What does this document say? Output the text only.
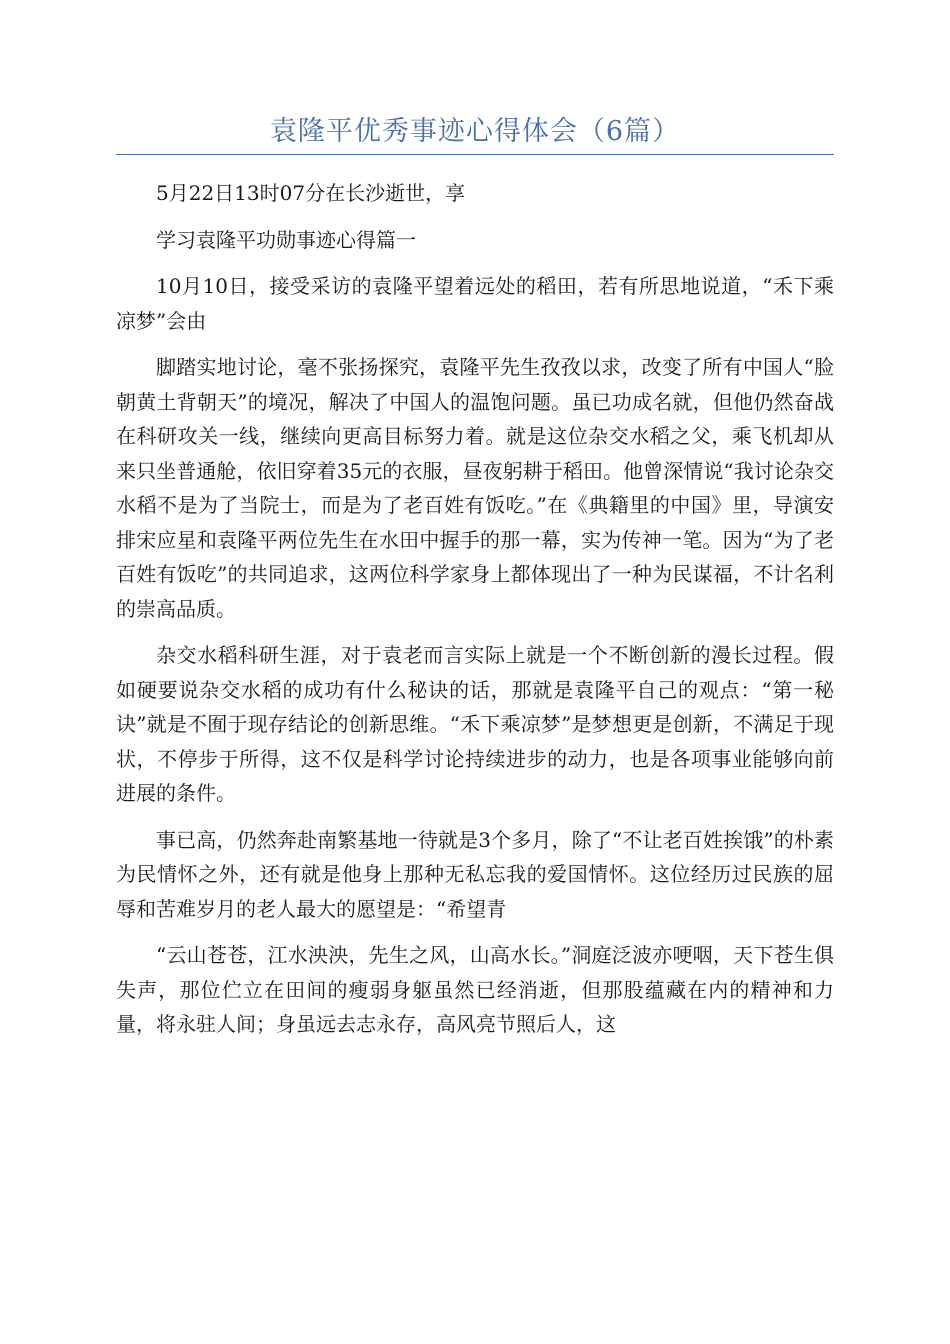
袁隆平优秀事迹心得体会（6篇）

5月22日13时07分在长沙逝世，享

学习袁隆平功勋事迹心得篇一

10月10日，接受采访的袁隆平望着远处的稻田，若有所思地说道，“禾下乘凉梦”会由

脚踏实地讨论，毫不张扬探究，袁隆平先生孜孜以求，改变了所有中国人“脸朝黄土背朝天”的境况，解决了中国人的温饱问题。虽已功成名就，但他仍然奋战在科研攻关一线，继续向更高目标努力着。就是这位杂交水稻之父，乘飞机却从来只坐普通舱，依旧穿着35元的衣服，昼夜躬耕于稻田。他曾深情说“我讨论杂交水稻不是为了当院士，而是为了老百姓有饭吃。”在《典籍里的中国》里，导演安排宋应星和袁隆平两位先生在水田中握手的那一幕，实为传神一笔。因为“为了老百姓有饭吃”的共同追求，这两位科学家身上都体现出了一种为民谋福，不计名利的崇高品质。

杂交水稻科研生涯，对于袁老而言实际上就是一个不断创新的漫长过程。假如硬要说杂交水稻的成功有什么秘诀的话，那就是袁隆平自己的观点：“第一秘诀”就是不囿于现存结论的创新思维。“禾下乘凉梦”是梦想更是创新，不满足于现状，不停步于所得，这不仅是科学讨论持续进步的动力，也是各项事业能够向前进展的条件。

事已高，仍然奔赴南繁基地一待就是3个多月，除了“不让老百姓挨饿”的朴素为民情怀之外，还有就是他身上那种无私忘我的爱国情怀。这位经历过民族的屈辱和苦难岁月的老人最大的愿望是：“希望青

“云山苍苍，江水泱泱，先生之风，山高水长。”洞庭泛波亦哽咽，天下苍生俱失声，那位伫立在田间的瘦弱身躯虽然已经消逝，但那股蕴藏在内的精神和力量，将永驻人间；身虽远去志永存，高风亮节照后人，这
